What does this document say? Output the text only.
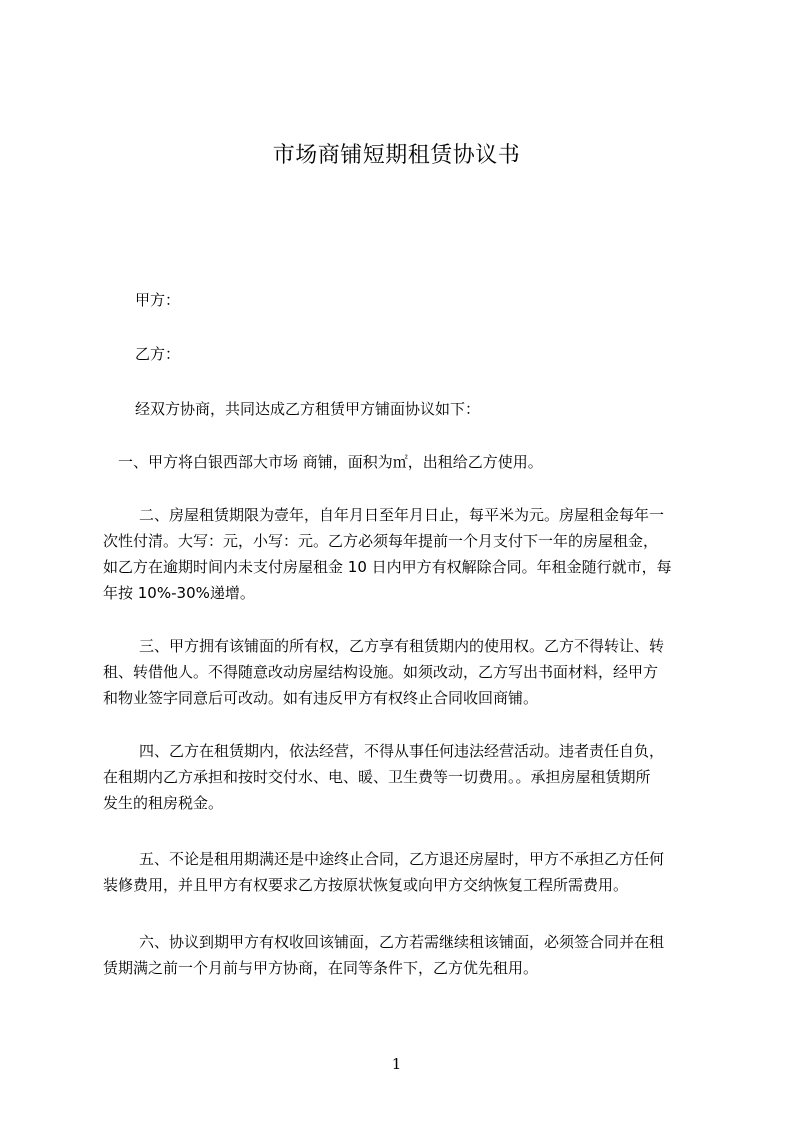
市场商铺短期租赁协议书

甲方：

乙方：

经双方协商，共同达成乙方租赁甲方铺面协议如下：

一、甲方将白银西部大市场 商铺，面积为㎡，出租给乙方使用。
二、房屋租赁期限为壹年，自年月日至年月日止，每平米为元。房屋租金每年一
次性付清。大写：元，小写：元。乙方必须每年提前一个月支付下一年的房屋租金，
如乙方在逾期时间内未支付房屋租金 10 日内甲方有权解除合同。年租金随行就市，每
年按 10%-30%递增。
三、甲方拥有该铺面的所有权，乙方享有租赁期内的使用权。乙方不得转让、转
租、转借他人。不得随意改动房屋结构设施。如须改动，乙方写出书面材料，经甲方
和物业签字同意后可改动。如有违反甲方有权终止合同收回商铺。
四、乙方在租赁期内，依法经营，不得从事任何违法经营活动。违者责任自负，
在租期内乙方承担和按时交付水、电、暖、卫生费等一切费用。。承担房屋租赁期所
发生的租房税金。
五、不论是租用期满还是中途终止合同，乙方退还房屋时，甲方不承担乙方任何
装修费用，并且甲方有权要求乙方按原状恢复或向甲方交纳恢复工程所需费用。
六、协议到期甲方有权收回该铺面，乙方若需继续租该铺面，必须签合同并在租
赁期满之前一个月前与甲方协商，在同等条件下，乙方优先租用。
1
